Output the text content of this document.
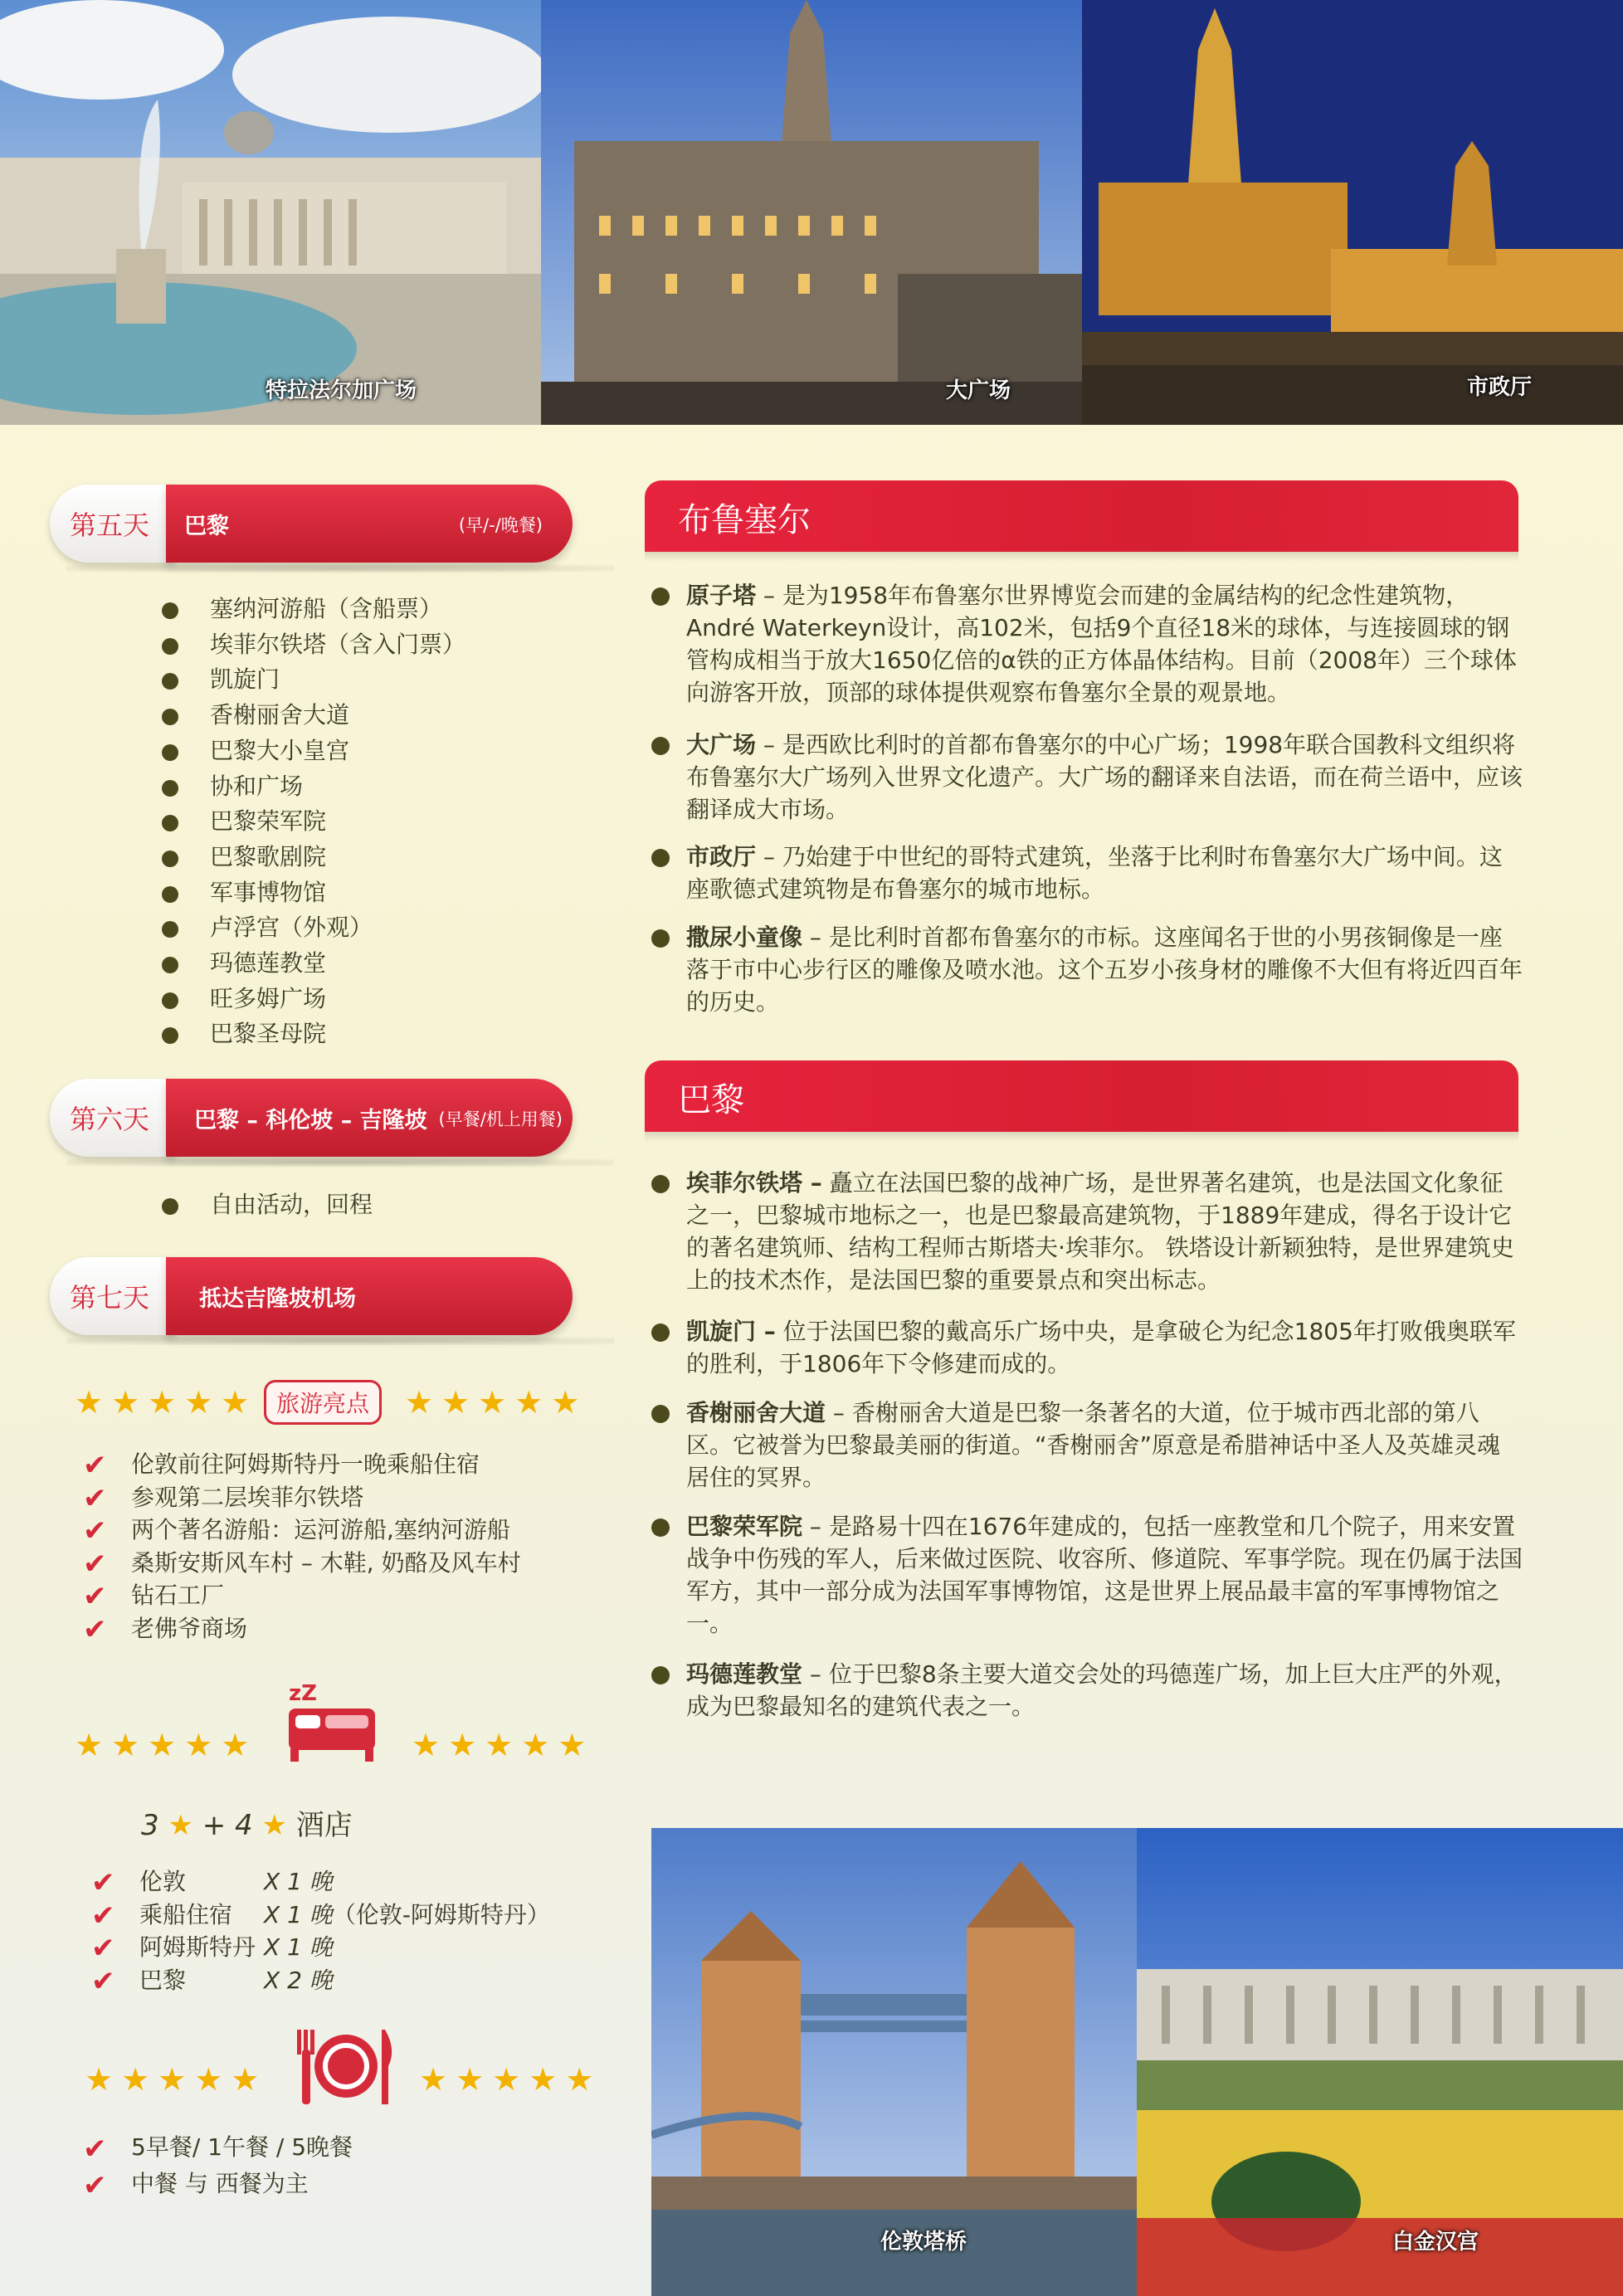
特拉法尔加广场	大广场	市政厅
第五天 巴黎	(早/-/晚餐)
塞纳河游船（含船票）
埃菲尔铁塔（含入门票）
凯旋门
香榭丽舍大道
巴黎大小皇宫
协和广场
巴黎荣军院
巴黎歌剧院
军事博物馆
卢浮宫（外观）
玛德莲教堂
旺多姆广场
巴黎圣母院
第六天 巴黎 – 科伦坡 – 吉隆坡 (早餐/机上用餐)
自由活动，回程
第七天 抵达吉隆坡机场
★★★★★ 旅游亮点	★★★★★
✔ 伦敦前往阿姆斯特丹一晚乘船住宿
✔ 参观第二层埃菲尔铁塔
✔ 两个著名游船：运河游船,塞纳河游船
✔ 桑斯安斯风车村 – 木鞋, 奶酪及风车村
✔ 钻石工厂
✔ 老佛爷商场
★★★★★
zZ
★★★★★
3 ★ + 4 ★ 酒店
✔ 伦敦	X 1 晚
✔ 乘船住宿 X 1 晚（伦敦-阿姆斯特丹）
✔ 阿姆斯特丹 X 1 晚
✔ 巴黎	X 2 晚
★★★★★	★★★★★
✔ 5早餐/ 1午餐 / 5晚餐
✔ 中餐 与 西餐为主
布鲁塞尔
原子塔 – 是为1958年布鲁塞尔世界博览会而建的金属结构的纪念性建筑物，André Waterkeyn设计，高102米，包括9个直径18米的球体，与连接圆球的钢管构成相当于放大1650亿倍的α铁的正方体晶体结构。目前（2008年）三个球体向游客开放，顶部的球体提供观察布鲁塞尔全景的观景地。
大广场 – 是西欧比利时的首都布鲁塞尔的中心广场；1998年联合国教科文组织将布鲁塞尔大广场列入世界文化遗产。大广场的翻译来自法语，而在荷兰语中，应该翻译成大市场。
市政厅 – 乃始建于中世纪的哥特式建筑，坐落于比利时布鲁塞尔大广场中间。这座歌德式建筑物是布鲁塞尔的城市地标。
撒尿小童像 – 是比利时首都布鲁塞尔的市标。这座闻名于世的小男孩铜像是一座落于市中心步行区的雕像及喷水池。这个五岁小孩身材的雕像不大但有将近四百年的历史。
巴黎
埃菲尔铁塔 – 矗立在法国巴黎的战神广场，是世界著名建筑，也是法国文化象征之一，巴黎城市地标之一，也是巴黎最高建筑物，于1889年建成，得名于设计它的著名建筑师、结构工程师古斯塔夫·埃菲尔。 铁塔设计新颖独特，是世界建筑史上的技术杰作，是法国巴黎的重要景点和突出标志。
凯旋门 – 位于法国巴黎的戴高乐广场中央，是拿破仑为纪念1805年打败俄奥联军的胜利，于1806年下令修建而成的。
香榭丽舍大道 – 香榭丽舍大道是巴黎一条著名的大道，位于城市西北部的第八区。它被誉为巴黎最美丽的街道。“香榭丽舍”原意是希腊神话中圣人及英雄灵魂居住的冥界。
巴黎荣军院 – 是路易十四在1676年建成的，包括一座教堂和几个院子，用来安置战争中伤残的军人，后来做过医院、收容所、修道院、军事学院。现在仍属于法国军方，其中一部分成为法国军事博物馆，这是世界上展品最丰富的军事博物馆之一。
玛德莲教堂 – 位于巴黎8条主要大道交会处的玛德莲广场，加上巨大庄严的外观，成为巴黎最知名的建筑代表之一。
伦敦塔桥	白金汉宫
